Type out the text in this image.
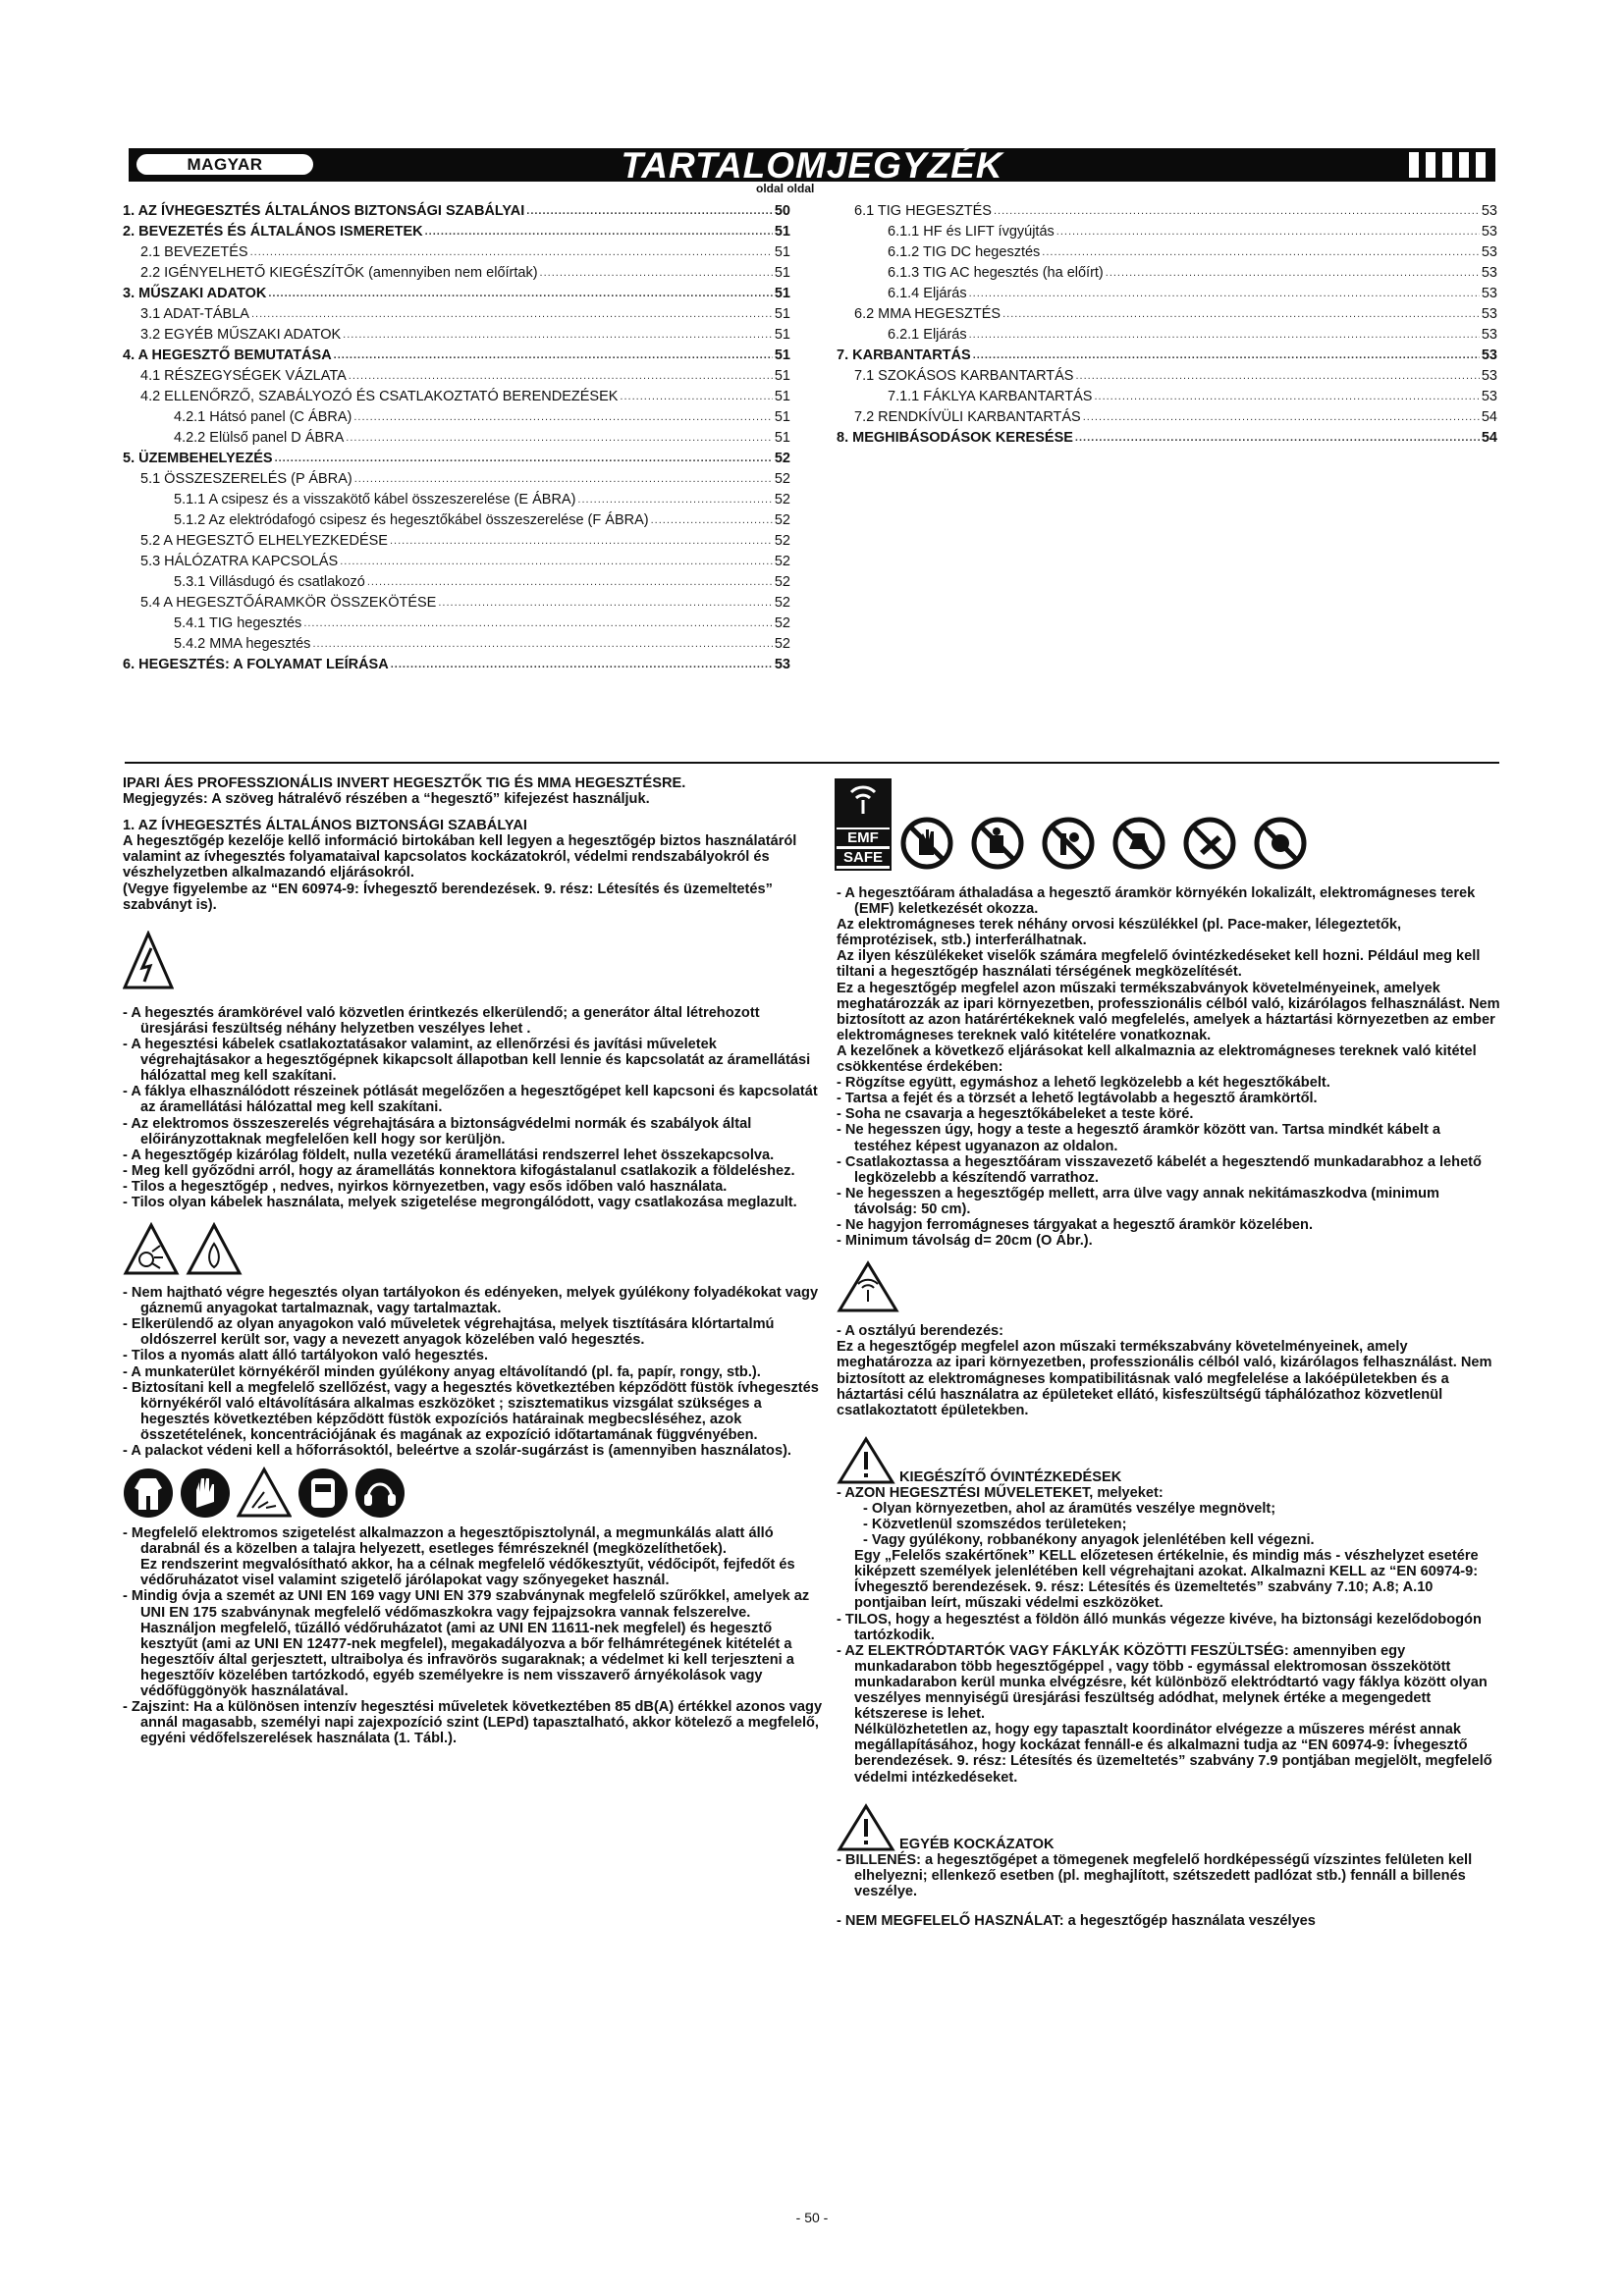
MAGYAR	TARTALOMJEGYZÉK
oldal oldal
1. AZ ÍVHEGESZTÉS ÁLTALÁNOS BIZTONSÁGI SZABÁLYAI .....	50
2. BEVEZETÉS ÉS ÁLTALÁNOS ISMERETEK .....	51
2.1 BEVEZETÉS .....	51
2.2 IGÉNYELHETŐ KIEGÉSZÍTŐK (amennyiben nem előírtak) .....	51
3. MŰSZAKI ADATOK .....	51
3.1 ADAT-TÁBLA .....	51
3.2 EGYÉB MŰSZAKI ADATOK .....	51
4. A HEGESZTŐ BEMUTATÁSA .....	51
4.1 RÉSZEGYSÉGEK VÁZLATA .....	51
4.2 ELLENŐRZŐ, SZABÁLYOZÓ ÉS CSATLAKOZTATÓ BERENDEZÉSEK .....	51
4.2.1 Hátsó panel (C ÁBRA) .....	51
4.2.2 Elülső panel D ÁBRA .....	51
5. ÜZEMBEHELYEZÉS .....	52
5.1 ÖSSZESZERELÉS (P ÁBRA) .....	52
5.1.1 A csipesz és a visszakötő kábel összeszerelése (E ÁBRA) .....	52
5.1.2 Az elektródafogó csipesz és hegesztőkábel összeszerelése (F ÁBRA) .....	52
5.2 A HEGESZTŐ ELHELYEZKEDÉSE .....	52
5.3 HÁLÓZATRA KAPCSOLÁS .....	52
5.3.1 Villásdugó és csatlakozó .....	52
5.4 A HEGESZTŐÁRAMKÖR ÖSSZEKÖTÉSE .....	52
5.4.1 TIG hegesztés .....	52
5.4.2 MMA hegesztés .....	52
6. HEGESZTÉS: A FOLYAMAT LEÍRÁSA .....	53
6.1 TIG HEGESZTÉS .....	53
6.1.1 HF és LIFT ívgyújtás .....	53
6.1.2 TIG DC hegesztés .....	53
6.1.3 TIG AC hegesztés (ha előírt) .....	53
6.1.4 Eljárás .....	53
6.2 MMA HEGESZTÉS .....	53
6.2.1 Eljárás .....	53
7. KARBANTARTÁS .....	53
7.1 SZOKÁSOS KARBANTARTÁS .....	53
7.1.1 FÁKLYA KARBANTARTÁS .....	53
7.2 RENDKÍVÜLI KARBANTARTÁS .....	54
8. MEGHIBÁSODÁSOK KERESÉSE .....	54

IPARI ÁES PROFESSZIONÁLIS INVERT HEGESZTŐK TIG ÉS MMA HEGESZTÉSRE.

Megjegyzés: A szöveg hátralévő részében a “hegesztő” kifejezést használjuk.

1. AZ ÍVHEGESZTÉS ÁLTALÁNOS BIZTONSÁGI SZABÁLYAI

A hegesztőgép kezelője kellő információ birtokában kell legyen a hegesztőgép biztos használatáról valamint az ívhegesztés folyamataival kapcsolatos kockázatokról, védelmi rendszabályokról és vészhelyzetben alkalmazandó eljárásokról.

(Vegye figyelembe az “EN 60974-9: Ívhegesztő berendezések. 9. rész: Létesítés és üzemeltetés” szabványt is).

- A hegesztés áramkörével való közvetlen érintkezés elkerülendő; a generátor által létrehozott üresjárási feszültség néhány helyzetben veszélyes lehet .

- A hegesztési kábelek csatlakoztatásakor valamint, az ellenőrzési és javítási műveletek végrehajtásakor a hegesztőgépnek kikapcsolt állapotban kell lennie és kapcsolatát az áramellátási hálózattal meg kell szakítani.

- A fáklya elhasználódott részeinek pótlását megelőzően a hegesztőgépet kell kapcsoni és kapcsolatát az áramellátási hálózattal meg kell szakítani.

- Az elektromos összeszerelés végrehajtására a biztonságvédelmi normák és szabályok által előirányzottaknak megfelelően kell hogy sor kerüljön.

- A hegesztőgép kizárólag földelt, nulla vezetékű áramellátási rendszerrel lehet összekapcsolva.

- Meg kell győződni arról, hogy az áramellátás konnektora kifogástalanul csatlakozik a földeléshez.

- Tilos a hegesztőgép , nedves, nyirkos környezetben, vagy esős időben való használata.

- Tilos olyan kábelek használata, melyek szigetelése megrongálódott, vagy csatlakozása meglazult.

- Nem hajtható végre hegesztés olyan tartályokon és edényeken, melyek gyúlékony folyadékokat vagy gáznemű anyagokat tartalmaznak, vagy tartalmaztak.

- Elkerülendő az olyan anyagokon való műveletek végrehajtása, melyek tisztítására klórtartalmú oldószerrel került sor, vagy a nevezett anyagok közelében való hegesztés.

- Tilos a nyomás alatt álló tartályokon való hegesztés.

- A munkaterület környékéről minden gyúlékony anyag eltávolítandó (pl. fa, papír, rongy, stb.).

- Biztosítani kell a megfelelő szellőzést, vagy a hegesztés következtében képződött füstök ívhegesztés környékéről való eltávolítására alkalmas eszközöket ; szisztematikus vizsgálat szükséges a hegesztés következtében képződött füstök expozíciós határainak megbecsléséhez, azok összetételének, koncentrációjának és magának az expozíció időtartamának függvényében.

- A palackot védeni kell a hőforrásoktól, beleértve a szolár-sugárzást is (amennyiben használatos).

- Megfelelő elektromos szigetelést alkalmazzon a hegesztőpisztolynál, a megmunkálás alatt álló darabnál és a közelben a talajra helyezett, esetleges fémrészeknél (megközelíthetőek).

Ez rendszerint megvalósítható akkor, ha a célnak megfelelő védőkesztyűt, védőcipőt, fejfedőt és védőruházatot visel valamint szigetelő járólapokat vagy szőnyegeket használ.

- Mindig óvja a szemét az UNI EN 169 vagy UNI EN 379 szabványnak megfelelő szűrőkkel, amelyek az UNI EN 175 szabványnak megfelelő védőmaszkokra vagy fejpajzsokra vannak felszerelve.

Használjon megfelelő, tűzálló védőruházatot (ami az UNI EN 11611-nek megfelel) és hegesztő kesztyűt (ami az UNI EN 12477-nek megfelel), megakadályozva a bőr felhámrétegének kitételét a hegesztőív által gerjesztett, ultraibolya és infravörös sugaraknak; a védelmet ki kell terjeszteni a hegesztőív közelében tartózkodó, egyéb személyekre is nem visszaverő árnyékolások vagy védőfüggönyök használatával.

- Zajszint: Ha a különösen intenzív hegesztési műveletek következtében 85 dB(A) értékkel azonos vagy annál magasabb, személyi napi zajexpozíció szint (LEPd) tapasztalható, akkor kötelező a megfelelő, egyéni védőfelszerelések használata (1. Tábl.).

EMF
SAFE

- A hegesztőáram áthaladása a hegesztő áramkör környékén lokalizált, elektromágneses terek (EMF) keletkezését okozza.

Az elektromágneses terek néhány orvosi készülékkel (pl. Pace-maker, lélegeztetők, fémprotézisek, stb.) interferálhatnak.

Az ilyen készülékeket viselők számára megfelelő óvintézkedéseket kell hozni. Például meg kell tiltani a hegesztőgép használati térségének megközelítését.

Ez a hegesztőgép megfelel azon műszaki termékszabványok követelményeinek, amelyek meghatározzák az ipari környezetben, professzionális célból való, kizárólagos felhasználást. Nem biztosított az azon határértékeknek való megfelelés, amelyek a háztartási környezetben az ember elektromágneses tereknek való kitételére vonatkoznak.

A kezelőnek a következő eljárásokat kell alkalmaznia az elektromágneses tereknek való kitétel csökkentése érdekében:

- Rögzítse együtt, egymáshoz a lehető legközelebb a két hegesztőkábelt.

- Tartsa a fejét és a törzsét a lehető legtávolabb a hegesztő áramkörtől.

- Sohа ne csavarja a hegesztőkábeleket a teste köré.

- Ne hegesszen úgy, hogy a teste a hegesztő áramkör között van. Tartsa mindkét kábelt a testéhez képest ugyanazon az oldalon.

- Csatlakoztassa a hegesztőáram visszavezető kábelét a hegesztendő munkadarabhoz a lehető legközelebb a készítendő varrathoz.

- Ne hegesszen a hegesztőgép mellett, arra ülve vagy annak nekitámaszkodva (minimum távolság: 50 cm).

- Ne hagyjon ferromágneses tárgyakat a hegesztő áramkör közelében.

- Minimum távolság d= 20cm (O Ábr.).

- A osztályú berendezés:

Ez a hegesztőgép megfelel azon műszaki termékszabvány követelményeinek, amely meghatározza az ipari környezetben, professzionális célból való, kizárólagos felhasználást. Nem biztosított az elektromágneses kompatibilitásnak való megfelelése a lakóépületekben és a háztartási célú használatra az épületeket ellátó, kisfeszültségű táphálózathoz közvetlenül csatlakoztatott épületekben.

KIEGÉSZÍTŐ ÓVINTÉZKEDÉSEK

- AZON HEGESZTÉSI MŰVELETEKET, melyeket:

- Olyan környezetben, ahol az áramütés veszélye megnövelt;

- Közvetlenül szomszédos területeken;

- Vagy gyúlékony, robbanékony anyagok jelenlétében kell végezni.

Egy „Felelős szakértőnek” KELL előzetesen értékelnie, és mindig más - vészhelyzet esetére kiképzett személyek jelenlétében kell végrehajtani azokat. Alkalmazni KELL az “EN 60974-9: Ívhegesztő berendezések. 9. rész: Létesítés és üzemeltetés” szabvány 7.10; A.8; A.10 pontjaiban leírt, műszaki védelmi eszközöket.

- TILOS, hogy a hegesztést a földön álló munkás végezze kivéve, ha biztonsági kezelődobogón tartózkodik.

- AZ ELEKTRÓDTARTÓK VAGY FÁKLYÁK KÖZÖTTI FESZÜLTSÉG: amennyiben egy munkadarabon több hegesztőgéppel , vagy több - egymással elektromosan összekötött munkadarabon kerül munka elvégzésre, két különböző elektródtartó vagy fáklya között olyan veszélyes mennyiségű üresjárási feszültség adódhat, melynek értéke a megengedett kétszerese is lehet.

Nélkülözhetetlen az, hogy egy tapasztalt koordinátor elvégezze a műszeres mérést annak megállapításához, hogy kockázat fennáll-e és alkalmazni tudja az “EN 60974-9: Ívhegesztő berendezések. 9. rész: Létesítés és üzemeltetés” szabvány 7.9 pontjában megjelölt, megfelelő védelmi intézkedéseket.

EGYÉB KOCKÁZATOK

- BILLENÉS: a hegesztőgépet a tömegenek megfelelő hordképességű vízszintes felületen kell elhelyezni; ellenkező esetben (pl. meghajlított, szétszedett padlózat stb.) fennáll a billenés veszélye.

- NEM MEGFELELŐ HASZNÁLAT: a hegesztőgép használata veszélyes

- 50 -
